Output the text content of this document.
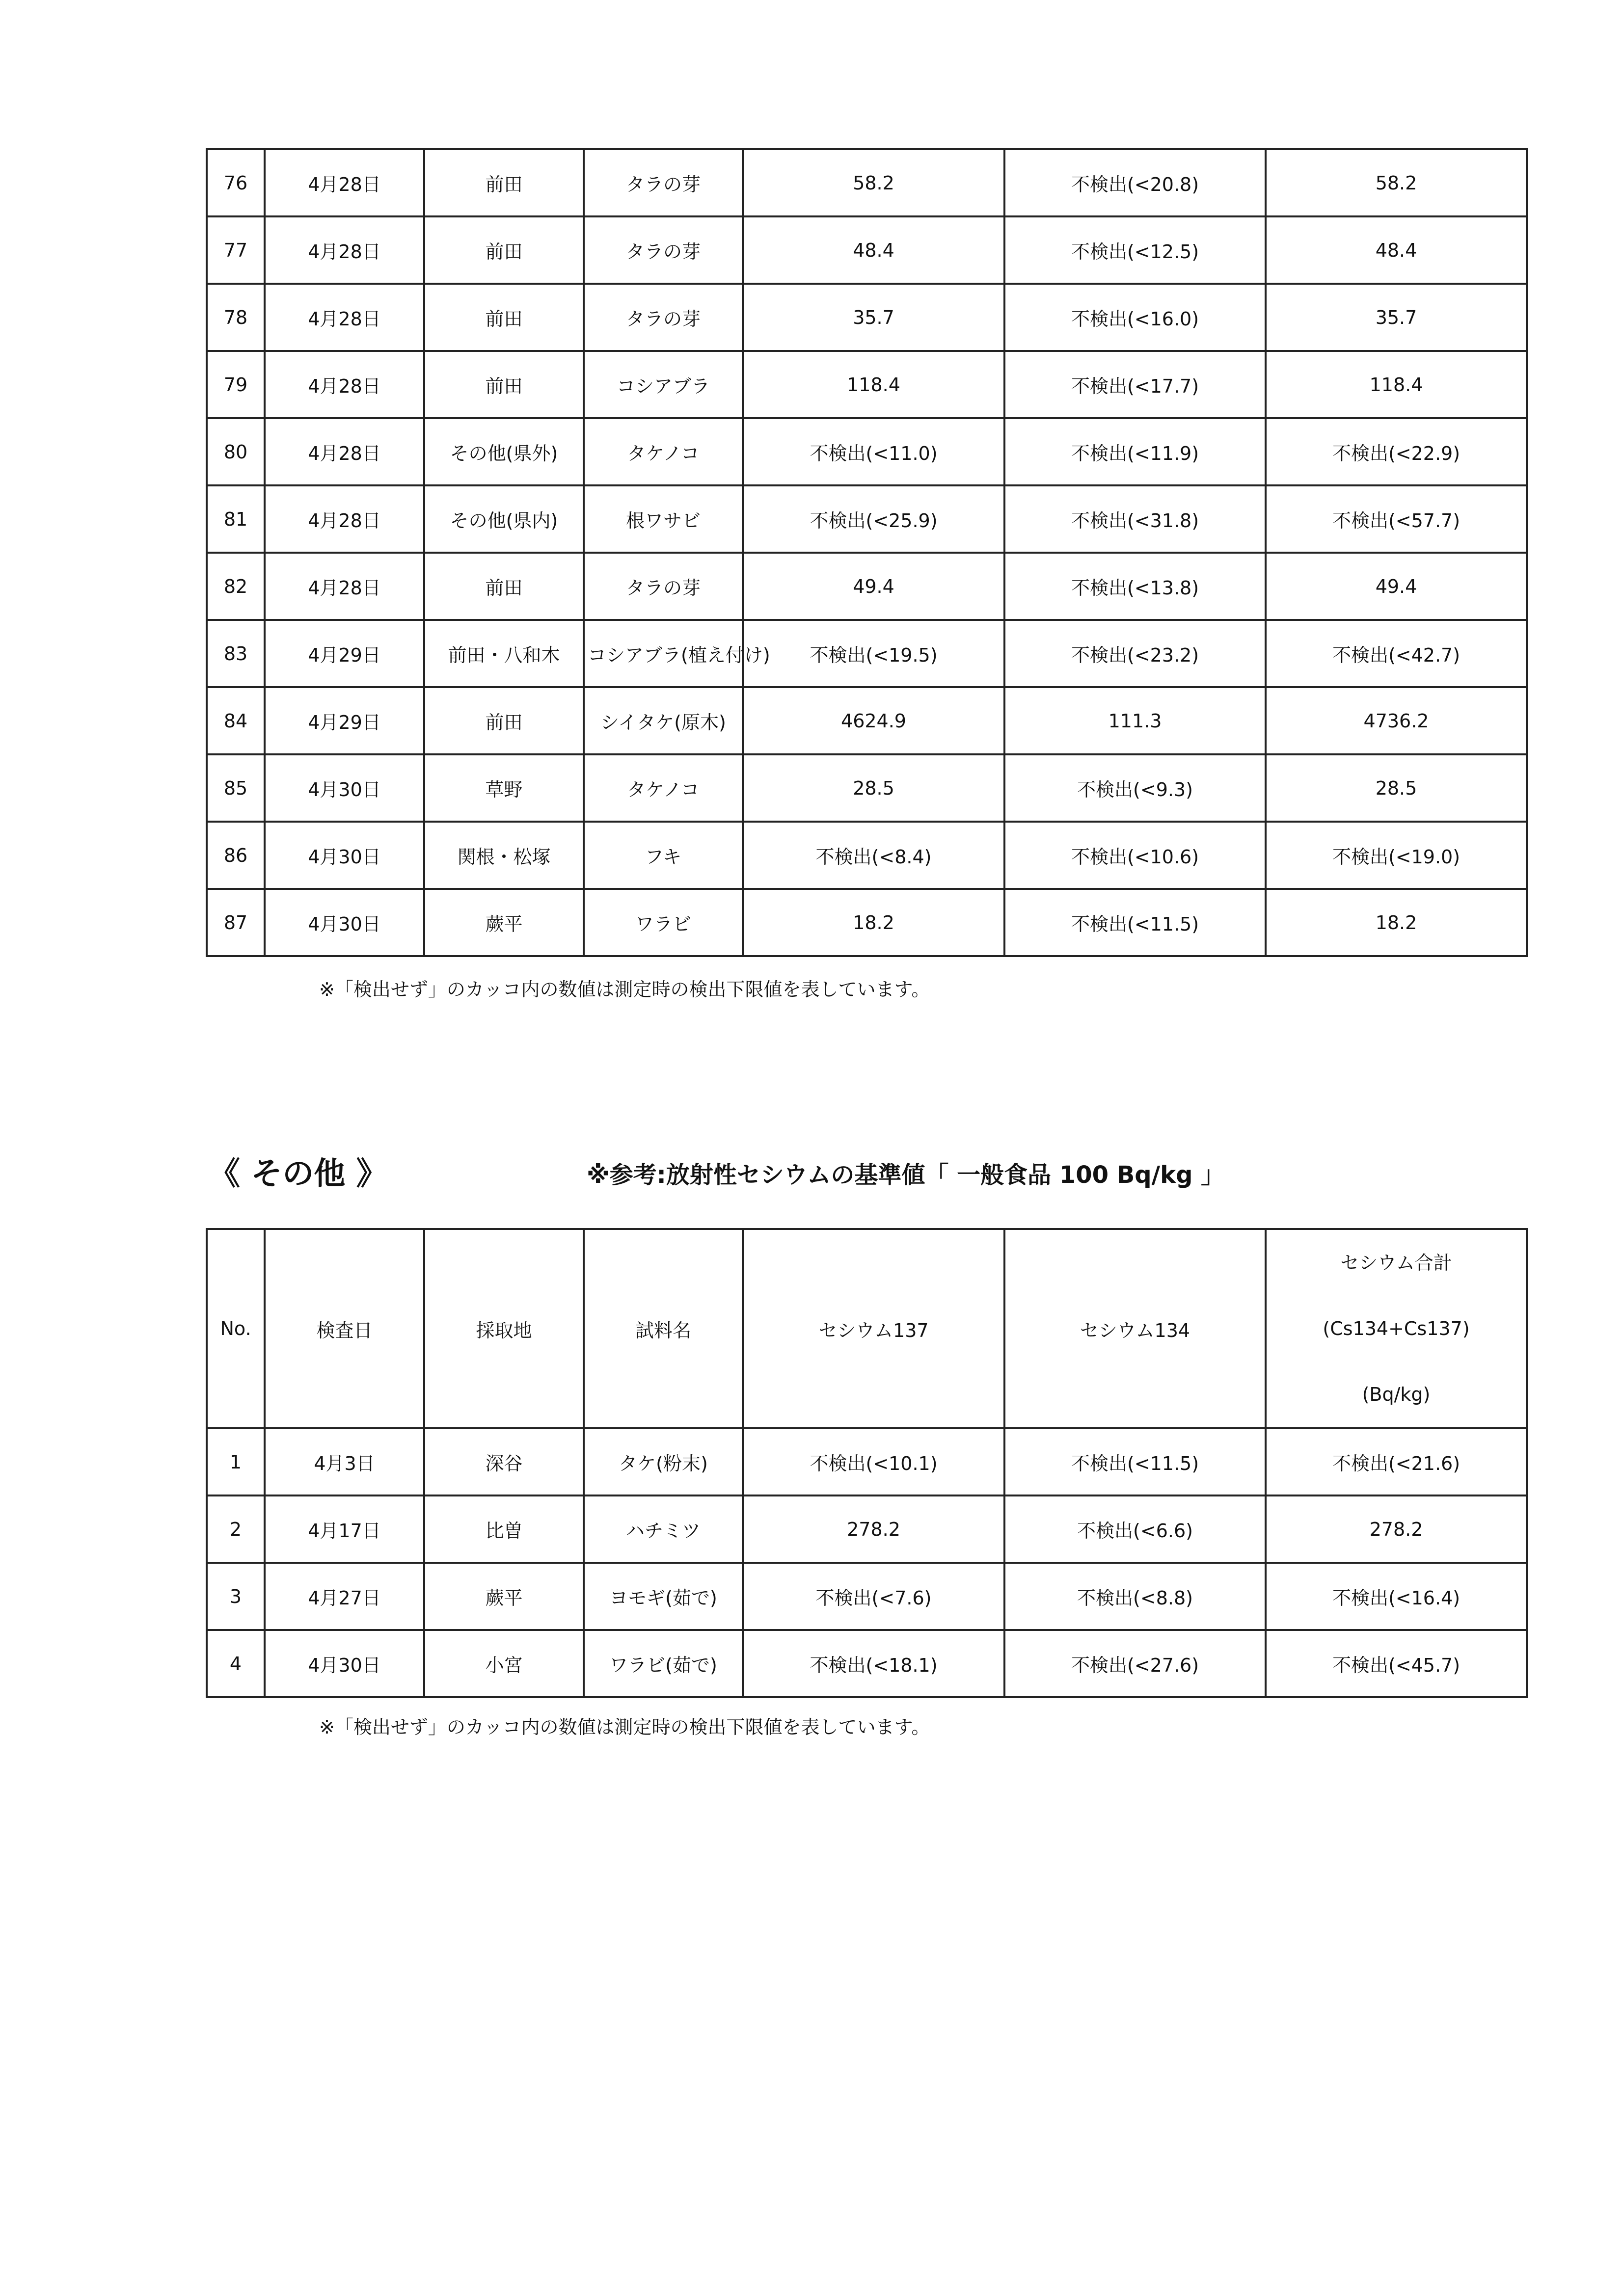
76	4月28日	前田	タラの芽	58.2	不検出(<20.8)	58.2
77	4月28日	前田	タラの芽	48.4	不検出(<12.5)	48.4
78	4月28日	前田	タラの芽	35.7	不検出(<16.0)	35.7
79	4月28日	前田	コシアブラ	118.4	不検出(<17.7)	118.4
80	4月28日	その他(県外)	タケノコ	不検出(<11.0)	不検出(<11.9)	不検出(<22.9)
81	4月28日	その他(県内)	根ワサビ	不検出(<25.9)	不検出(<31.8)	不検出(<57.7)
82	4月28日	前田	タラの芽	49.4	不検出(<13.8)	49.4
83	4月29日	前田・八和木	コシアブラ(植え付け)	不検出(<19.5)	不検出(<23.2)	不検出(<42.7)
84	4月29日	前田	シイタケ(原木)	4624.9	111.3	4736.2
85	4月30日	草野	タケノコ	28.5	不検出(<9.3)	28.5
86	4月30日	関根・松塚	フキ	不検出(<8.4)	不検出(<10.6)	不検出(<19.0)
87	4月30日	蕨平	ワラビ	18.2	不検出(<11.5)	18.2
※「検出せず」のカッコ内の数値は測定時の検出下限値を表しています。
《 その他 》	※参考:放射性セシウムの基準値「 一般食品 100 Bq/kg 」
No.	検査日	採取地	試料名	セシウム137	セシウム134	セシウム合計
(Cs134+Cs137)
(Bq/kg)

1	4月3日	深谷	タケ(粉末)	不検出(<10.1)	不検出(<11.5)	不検出(<21.6)
2	4月17日	比曽	ハチミツ	278.2	不検出(<6.6)	278.2
3	4月27日	蕨平	ヨモギ(茹で)	不検出(<7.6)	不検出(<8.8)	不検出(<16.4)
4	4月30日	小宮	ワラビ(茹で)	不検出(<18.1)	不検出(<27.6)	不検出(<45.7)
※「検出せず」のカッコ内の数値は測定時の検出下限値を表しています。
